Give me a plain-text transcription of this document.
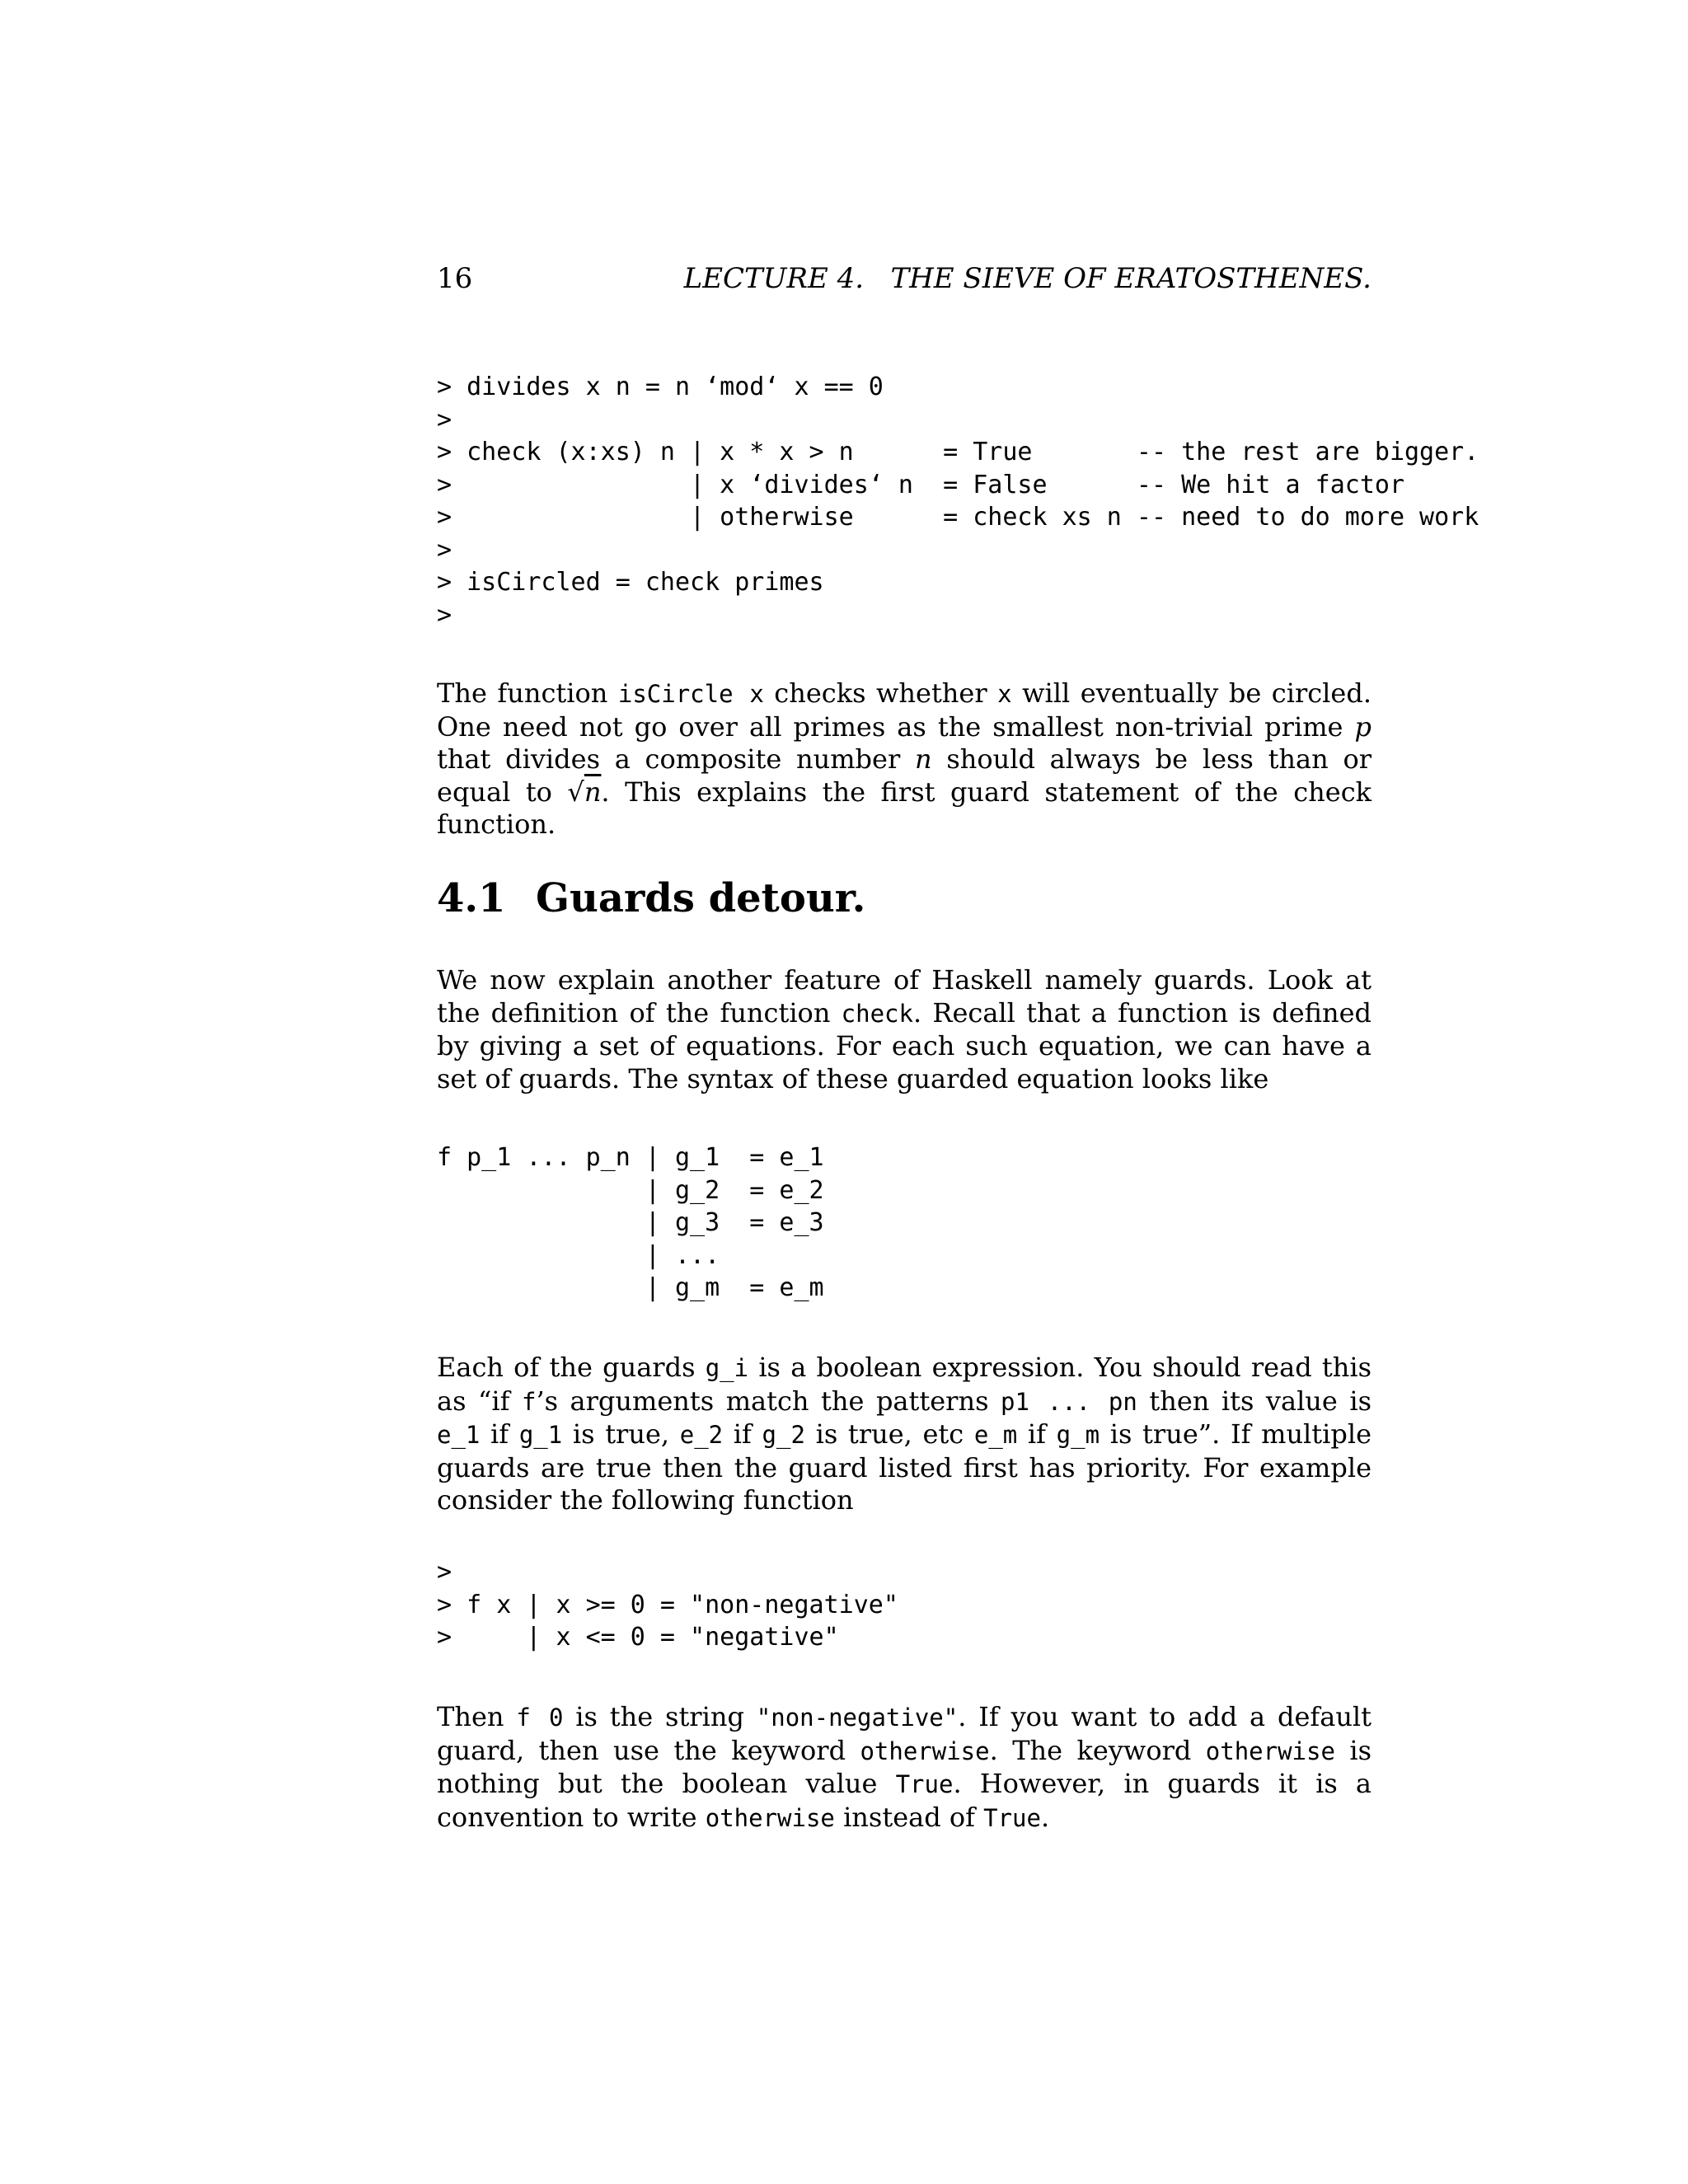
16	LECTURE 4.   THE SIEVE OF ERATOSTHENES.
> divides x n = n ‘mod‘ x == 0
>
> check (x:xs) n | x * x > n      = True       -- the rest are bigger.
>                | x ‘divides‘ n  = False      -- We hit a factor
>                | otherwise      = check xs n -- need to do more work
>
> isCircled = check primes
>

The function isCircle x checks whether x will eventually be circled. One need not go over all primes as the smallest non-trivial prime p that divides a composite number n should always be less than or equal to √n. This explains the first guard statement of the check function.

4.1 Guards detour.

We now explain another feature of Haskell namely guards. Look at the definition of the function check. Recall that a function is defined by giving a set of equations. For each such equation, we can have a set of guards. The syntax of these guarded equation looks like

f p_1 ... p_n | g_1  = e_1
| g_2  = e_2
| g_3  = e_3
| ...
| g_m  = e_m

Each of the guards g_i is a boolean expression. You should read this as “if f’s arguments match the patterns p1 ... pn then its value is e_1 if g_1 is true, e_2 if g_2 is true, etc e_m if g_m is true”. If multiple guards are true then the guard listed first has priority. For example consider the following function

>
> f x | x >= 0 = "non-negative"
>     | x <= 0 = "negative"

Then f 0 is the string "non-negative". If you want to add a default guard, then use the keyword otherwise. The keyword otherwise is nothing but the boolean value True. However, in guards it is a convention to write otherwise instead of True.
